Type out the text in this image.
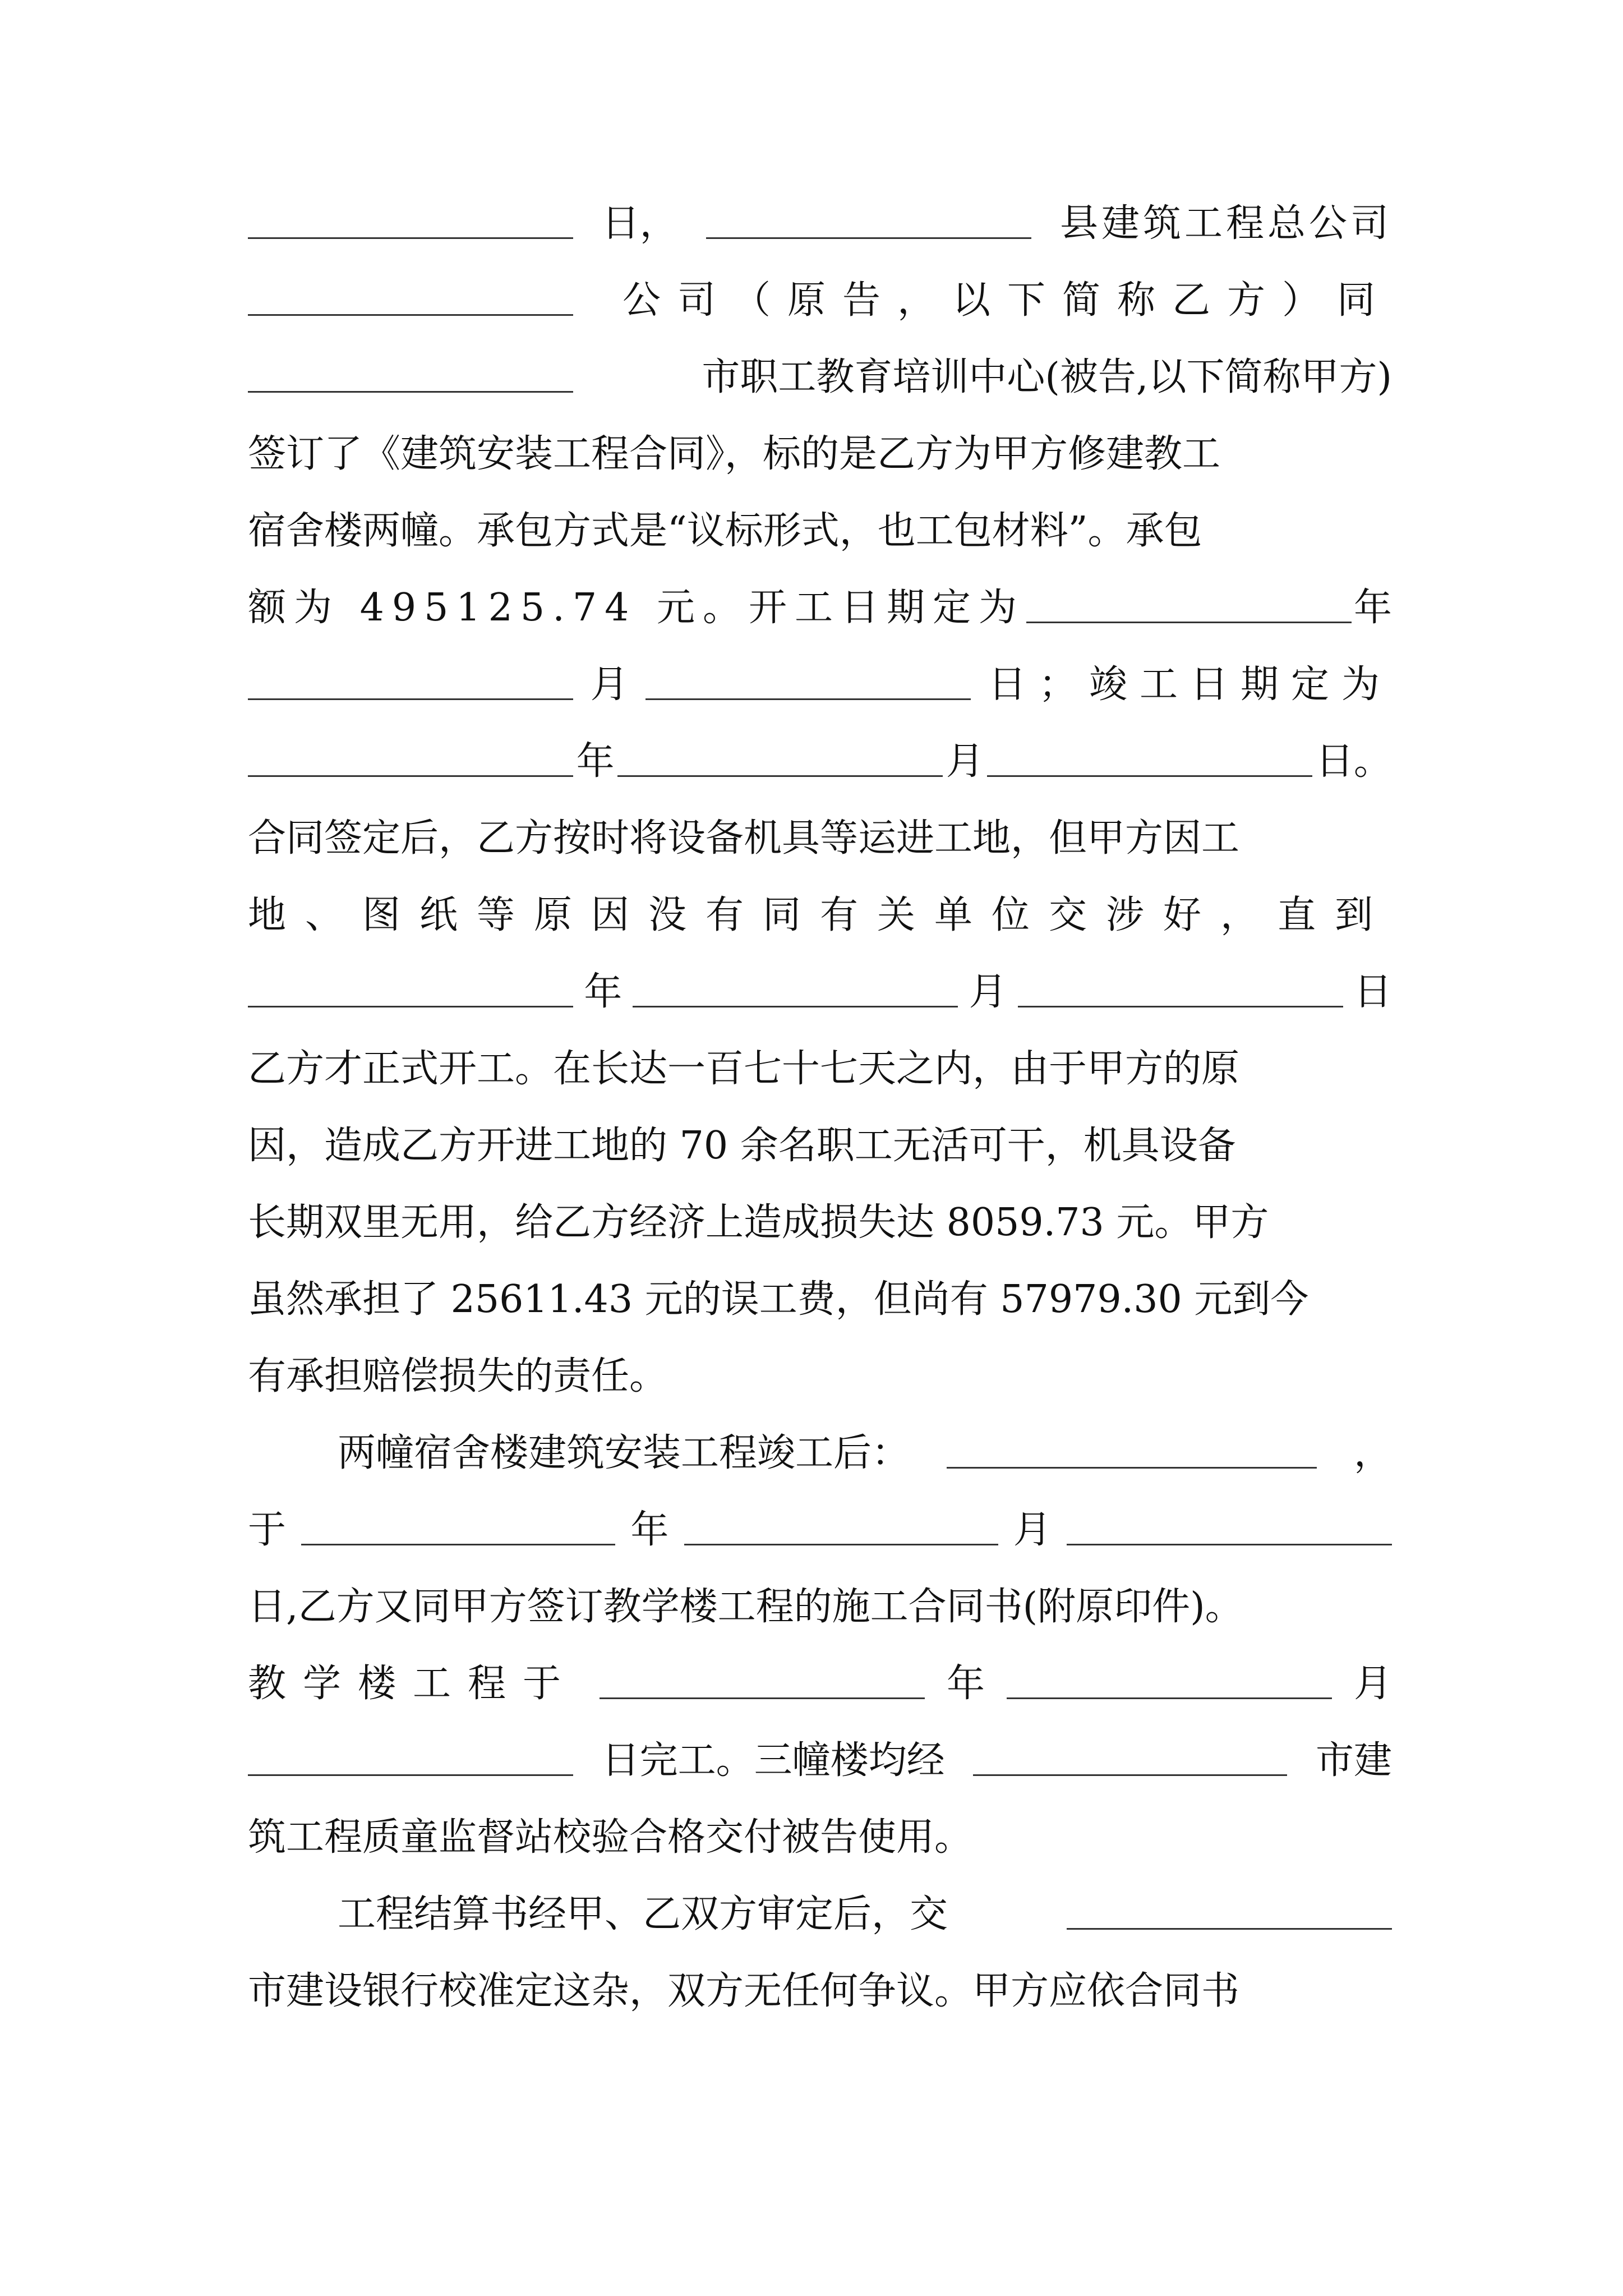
日，	县建筑工程总公司
公司（原告，以下简称乙方）同
市职工教育培训中心(被告,以下简称甲方)
签订了《建筑安装工程合同》，标的是乙方为甲方修建教工
宿舍楼两幢。承包方式是“议标形式，也工包材料”。承包
额为 495125.74 元。开工日期定为	年
月	日；竣工日期定为
年	月	日。
合同签定后，乙方按时将设备机具等运进工地，但甲方因工
地、图纸等原因没有同有关单位交涉好，直到
年	月	日
乙方才正式开工。在长达一百七十七天之内，由于甲方的原
因，造成乙方开进工地的 70 余名职工无活可干，机具设备
长期双里无用，给乙方经济上造成损失达 8059.73 元。甲方
虽然承担了 25611.43 元的误工费，但尚有 57979.30 元到今
有承担赔偿损失的责任。
两幢宿舍楼建筑安装工程竣工后：	，
于	年	月
日,乙方又同甲方签订教学楼工程的施工合同书(附原印件)。
教学楼工程于	年	月
日完工。三幢楼均经	市建
筑工程质童监督站校验合格交付被告使用。
工程结算书经甲、乙双方审定后，交
市建设银行校准定这杂，双方无任何争议。甲方应依合同书
